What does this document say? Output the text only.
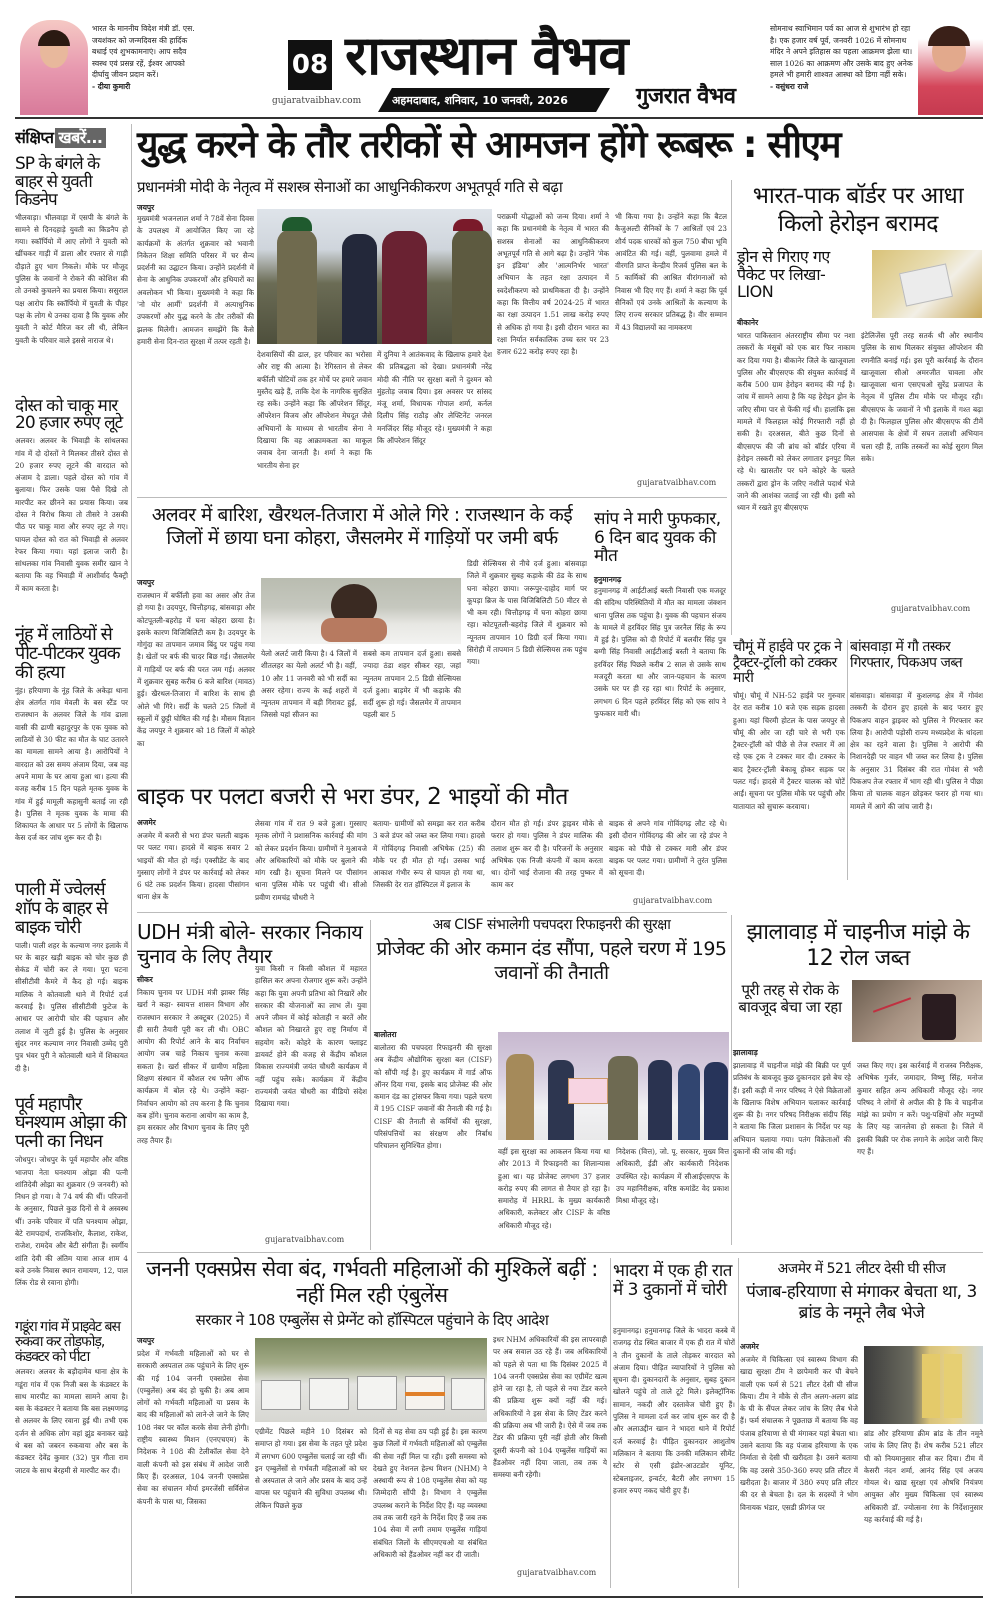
भारत के माननीय विदेश मंत्री डॉ. एस. जयशंकर को जन्मदिवस की हार्दिक बधाई एवं शुभकामनाएं। आप सदैव स्वस्थ एवं प्रसन्न रहें, ईश्वर आपको दीर्घायु जीवन प्रदान करें।
- दीया कुमारी
08
gujaratvaibhav.com
राजस्थान वैभव
अहमदाबाद, शनिवार, 10 जनवरी, 2026	गुजरात वैभव
सोमनाथ स्वाभिमान पर्व का आज से शुभारंभ हो रहा है। एक हजार वर्ष पूर्व, जनवरी 1026 में सोमनाथ मंदिर ने अपने इतिहास का पहला आक्रमण झेला था। साल 1026 का आक्रमण और उसके बाद हुए अनेक हमले भी हमारी शाश्वत आस्था को डिगा नहीं सके।
- वसुंधरा राजे
संक्षिप्त खबरें...
SP के बंगले के बाहर से युवती किडनेप
भीलवाड़ा। भीलवाड़ा में एसपी के बंगले के सामने से दिनदहाड़े युवती का किडनैप हो गया। स्कॉर्पियो में आए लोगों ने युवती को खींचकर गाड़ी में डाला और रफ्तार से गाड़ी दौड़ाते हुए भाग निकले। मौके पर मौजूद पुलिस के जवानों ने रोकने की कोशिश की तो उनको कुचलने का प्रयास किया। ससुराल पक्ष आरोप कि स्कॉर्पियो में युवती के पीहर पक्ष के लोग थे उनका दावा है कि युवक और युवती ने कोर्ट मैरिज कर ली थी, लेकिन युवती के परिवार वाले इससे नाराज थे।
दोस्त को चाकू मार 20 हजार रुपए लूटे
अलवर। अलवर के भिवाड़ी के सांथलका गांव में दो दोस्तों ने मिलकर तीसरे दोस्त से 20 हजार रुपए लूटने की वारदात को अंजाम दे डाला। पहले दोस्त को गांव में बुलाया। फिर उसके पास पैसे दिखे तो मारपीट कर छीनने का प्रयास किया। जब दोस्त ने विरोध किया तो तीसरे ने उसकी पीठ पर चाकू मारा और रुपए लूट ले गए। घायल दोस्त को रात को भिवाड़ी से अलवर रेफर किया गया। यहां इलाज जारी है। सांथलका गांव निवासी युवक समीर खान ने बताया कि वह भिवाड़ी में आशीर्वाद फैक्ट्री में काम करता है।
नूंह में लाठियों से पीट-पीटकर युवक की हत्या
नूंह। हरियाणा के नूंह जिले के अकेड़ा थाना क्षेत्र अंतर्गत गांव मेवली के बस स्टैंड पर राजस्थान के अलवर जिले के गांव ढाला वासी की ढाणी बहादुरपुर के एक युवक को लाठियों से 30 फीट का मौत के घाट उतारने का मामला सामने आया है। आरोपियों ने वारदात को उस समय अंजाम दिया, जब वह अपने मामा के घर आया हुआ था। हत्या की वजह करीब 15 दिन पहले मृतक युवक के गांव में हुई मामूली कहासुनी बताई जा रही है। पुलिस ने मृतक युवक के मामा की शिकायत के आधार पर 5 लोगों के खिलाफ केस दर्ज कर जांच शुरू कर दी है।
पाली में ज्वेलर्स शॉप के बाहर से बाइक चोरी
पाली। पाली शहर के कल्याण नगर इलाके में घर के बाहर खड़ी बाइक को चोर कुछ ही सेकंड में चोरी कर ले गया। पूरा घटना सीसीटीवी कैमरे में कैद हो गई। बाइक मालिक ने कोतवाली थाने में रिपोर्ट दर्ज करवाई है। पुलिस सीसीटीवी फुटेज के आधार पर आरोपी चोर की पहचान और तलाश में जुटी हुई है। पुलिस के अनुसार सुंदर नगर कल्याण नगर निवासी उम्मेद पुरी पुत्र भंवर पुरी ने कोतवाली थाने में शिकायत दी है।
पूर्व महापौर घनश्याम ओझा की पत्नी का निधन
जोधपुर। जोधपुर के पूर्व महापौर और वरिष्ठ भाजपा नेता घनश्याम ओझा की पत्नी शांतिदेवी ओझा का शुक्रवार (9 जनवरी) को निधन हो गया। वे 74 वर्ष की थीं। परिजनों के अनुसार, पिछले कुछ दिनों से वे अस्वस्थ थीं। उनके परिवार में पति घनश्याम ओझा, बेटे रामपदार्थ, राजकिशोर, कैलाश, राकेश, राजेश, रामदेव और बेटी संगीता हैं। स्वर्गीय शांति देवी की अंतिम यात्रा आज शाम 4 बजे उनके निवास स्थान रामायण, 12, पाल लिंक रोड से रवाना होगी।
गडूंरा गांव में प्राइवेट बस रुकवा कर तोड़फोड़, कंडक्टर को पीटा
अलवर। अलवर के बड़ौदामेव थाना क्षेत्र के गडूंरा गांव में एक निजी बस के कंडक्टर के साथ मारपीट का मामला सामने आया है। बस के कंडक्टर ने बताया कि बस लक्ष्मणगढ़ से अलवर के लिए रवाना हुई थी। तभी एक दर्जन से अधिक लोग वहां झुंड बनाकर खड़े थे बस को जबरन रुकवाया और बस के कंडक्टर देवेंद्र कुमार (32) पुत्र गीता राम जाटव के साथ बेरहमी से मारपीट कर दी।
युद्ध करने के तौर तरीकों से आमजन होंगे रूबरू : सीएम
प्रधानमंत्री मोदी के नेतृत्व में सशस्त्र सेनाओं का आधुनिकीकरण अभूतपूर्व गति से बढ़ा
जयपुर
मुख्यमंत्री भजनलाल शर्मा ने 78वें सेना दिवस के उपलक्ष्य में आयोजित किए जा रहे कार्यक्रमों के अंतर्गत शुक्रवार को भवानी निकेतन शिक्षा समिति परिसर में चर सैन्य प्रदर्शनी का उद्घाटन किया। उन्होंने प्रदर्शनी में सेना के आधुनिक उपकरणों और हथियारों का अवलोकन भी किया। मुख्यमंत्री ने कहा कि 'नो योर आर्मी' प्रदर्शनी में अत्याधुनिक उपकरणों और युद्ध करने के तौर तरीकों की झलक मिलेगी। आमजन समझेंगे कि कैसे हमारी सेना दिन-रात सुरक्षा में तत्पर रहती है।
देशवासियों की ढाल, हर परिवार का भरोसा और राष्ट्र की आत्मा है। रेगिस्तान से लेकर बर्फीली चोटियों तक हर मोर्चे पर हमारे जवान मुस्तैद खड़े हैं, ताकि देश के नागरिक सुरक्षित रह सकें। उन्होंने कहा कि ऑपरेशन सिंदूर, ऑपरेशन विजय और ऑपरेशन मेघदूत जैसे अभियानों के माध्यम से भारतीय सेना ने दिखाया कि वह आक्रामकता का माकूल जवाब देना जानती है। शर्मा ने कहा कि भारतीय सेना हर
में दुनिया ने आतंकवाद के खिलाफ हमारे देश की प्रतिबद्धता को देखा। प्रधानमंत्री नरेंद्र मोदी की नीति पर सुरक्षा बलों ने दुश्मन को मुंहतोड़ जवाब दिया। इस अवसर पर सांसद मंजू शर्मा, विधायक गोपाल शर्मा, कर्नल दिलीप सिंह राठौड़ और लेफ्टिनेंट जनरल मनजिंदर सिंह मौजूद रहे। मुख्यमंत्री ने कहा कि ऑपरेशन सिंदूर
पराक्रमी योद्धाओं को जन्म दिया। शर्मा ने कहा कि प्रधानमंत्री के नेतृत्व में भारत की सशस्त्र सेनाओं का आधुनिकीकरण अभूतपूर्व गति से आगे बढ़ा है। उन्होंने 'मेक इन इंडिया' और 'आत्मनिर्भर भारत' अभियान के तहत रक्षा उत्पादन में स्वदेशीकरण को प्राथमिकता दी है। उन्होंने कहा कि वित्तीय वर्ष 2024-25 में भारत का रक्षा उत्पादन 1.51 लाख करोड़ रुपए से अधिक हो गया है। इसी दौरान भारत का रक्षा निर्यात सर्वकालिक उच्च स्तर पर 23 हजार 622 करोड़ रुपए रहा है।
भी किया गया है। उन्होंने कहा कि बैटल कैजुअल्टी सैनिकों के 7 आश्रितों एवं 23 शौर्य पदक धारकों को कुल 750 बीघा भूमि आवंटित की गई। वहीं, पुलवामा हमले में वीरगति प्राप्त केन्द्रीय रिजर्व पुलिस बल के 5 कार्मिकों की आश्रित वीरांगनाओं को निवास भी दिए गए हैं। शर्मा ने कहा कि पूर्व सैनिकों एवं उनके आश्रितों के कल्याण के लिए राज्य सरकार प्रतिबद्ध है। वीर सम्मान में 43 विद्यालयों का नामकरण
gujaratvaibhav.com
भारत-पाक बॉर्डर पर आधा किलो हेरोइन बरामद
ड्रोन से गिराए गए पैकेट पर लिखा- LION
बीकानेर
भारत पाकिस्तान अंतरराष्ट्रीय सीमा पर नशा तस्करों के मंसूबों को एक बार फिर नाकाम कर दिया गया है। बीकानेर जिले के खाजूवाला पुलिस और बीएसएफ की संयुक्त कार्रवाई में करीब 500 ग्राम हेरोइन बरामद की गई है। जांच में सामने आया है कि यह हेरोइन ड्रोन के जरिए सीमा पार से फेंकी गई थी। हालांकि इस मामले में फिलहाल कोई गिरफ्तारी नहीं हो सकी है। दरअसल, बीते कुछ दिनों से बीएसएफ की जी ब्रांच को बॉर्डर एरिया में हेरोइन तस्करी को लेकर लगातार इनपुट मिल रहे थे। खासतौर पर घने कोहरे के चलते तस्करों द्वारा ड्रोन के जरिए नशीले पदार्थ भेजे जाने की आशंका जताई जा रही थी। इसी को ध्यान में रखते हुए बीएसएफ
इंटेलिजेंस पूरी तरह सतर्क थी और स्थानीय पुलिस के साथ मिलकर संयुक्त ऑपरेशन की रणनीति बनाई गई। इस पूरी कार्रवाई के दौरान खाजूवाला सीओ अमरजीत चावला और खाजूवाला थाना एसएचओ सुरेंद्र प्रजापत के नेतृत्व में पुलिस टीम मौके पर मौजूद रही। बीएसएफ के जवानों ने भी इलाके में गश्त बढ़ा दी है। फिलहाल पुलिस और बीएसएफ की टीमें आसपास के क्षेत्रों में सघन तलाशी अभियान चला रही हैं, ताकि तस्करों का कोई सुराग मिल सके।
gujaratvaibhav.com
अलवर में बारिश, खैरथल-तिजारा में ओले गिरे : राजस्थान के कई जिलों में छाया घना कोहरा, जैसलमेर में गाड़ियों पर जमी बर्फ
जयपुर
राजस्थान में बर्फीली हवा का असर और तेज हो गया है। उदयपुर, चित्तौड़गढ़, बांसवाड़ा और कोटपूतली-बहरोड़ में घना कोहरा छाया है। इसके कारण विजिबिलिटी कम है। उदयपुर के गोगुंदा का तापमान जमाव बिंदु पर पहुंच गया है। खेतों पर बर्फ की चादर बिछ गई। जैसलमेर में गाड़ियों पर बर्फ की परत जम गई। अलवर में शुक्रवार सुबह करीब 6 बजे बारिश (मावठ) हुई। खैरथल-तिजारा में बारिश के साथ ही ओले भी गिरे। सर्दी के चलते 25 जिलों में स्कूलों में छुट्टी घोषित की गई है। मौसम विज्ञान केंद्र जयपुर ने शुक्रवार को 18 जिलों में कोहरे का
येलो अलर्ट जारी किया है। 4 जिलों में शीतलहर का येलो अलर्ट भी है। वहीं, 10 और 11 जनवरी को भी सर्दी का असर रहेगा। राज्य के कई शहरों में न्यूनतम तापमान में बड़ी गिरावट हुई, जिससे यहां सीजन का
सबसे कम तापमान दर्ज हुआ। सबसे ज्यादा ठंडा शहर सीकर रहा, जहां न्यूनतम तापमान 2.5 डिग्री सेल्सियस दर्ज हुआ। बाड़मेर में भी कड़ाके की सर्दी शुरू हो गई। जैसलमेर में तापमान पहली बार 5
डिग्री सेल्सियस से नीचे दर्ज हुआ। बांसवाड़ा जिले में शुक्रवार सुबह कड़ाके की ठंड के साथ घना कोहरा छाया। जरूपुर-दाहोद मार्ग पर कूपड़ा ब्रिज के पास विजिबिलिटी 50 मीटर से भी कम रही। चित्तौड़गढ़ में घना कोहरा छाया रहा। कोटपूतली-बहरोड़ जिले में शुक्रवार को न्यूनतम तापमान 10 डिग्री दर्ज किया गया। सिरोही में तापमान 5 डिग्री सेल्सियस तक पहुंच गया।
सांप ने मारी फुफकार, 6 दिन बाद युवक की मौत
हनुमानगढ़
हनुमानगढ़ में आईटीआई बस्ती निवासी एक मजदूर की संदिग्ध परिस्थितियों में मौत का मामला जंक्शन थाना पुलिस तक पहुंचा है। युवक की पहचान संजय के मामले में हरविंदर सिंह पुत्र जरनैल सिंह के रूप में हुई है। पुलिस को दी रिपोर्ट में बलवीर सिंह पुत्र बग्गी सिंह निवासी आईटीआई बस्ती ने बताया कि हरविंदर सिंह पिछले करीब 2 साल से उसके साथ मजदूरी करता था और जान-पहचान के कारण उसके घर पर ही रह रहा था। रिपोर्ट के अनुसार, लगभग 6 दिन पहले हरविंदर सिंह को एक सांप ने फुफकार मारी थी।
चौमूं में हाईवे पर ट्रक ने ट्रैक्टर-ट्रॉली को टक्कर मारी
चौमूं। चौमूं में NH-52 हाईवे पर गुरुवार देर रात करीब 10 बजे एक सड़क हादसा हुआ। यहां चिरमी होटल के पास जयपुर से चौमूं की ओर जा रही चारे से भरी एक ट्रैक्टर-ट्रॉली को पीछे से तेज रफ्तार में आ रहे एक ट्रक ने टक्कर मार दी। टक्कर के बाद ट्रैक्टर-ट्रॉली बेकाबू होकर सड़क पर पलट गई। हादसे में ट्रैक्टर चालक को चोटें आईं। सूचना पर पुलिस मौके पर पहुंची और यातायात को सुचारू करवाया।
बांसवाड़ा में गौ तस्कर गिरफ्तार, पिकअप जब्त
बांसवाड़ा। बांसवाड़ा में कुशलगढ़ क्षेत्र में गोवंश तस्करी के दौरान हुए हादसे के बाद फरार हुए पिकअप वाहन ड्राइवर को पुलिस ने गिरफ्तार कर लिया है। आरोपी पड़ोसी राज्य मध्यप्रदेश के थांदला क्षेत्र का रहने वाला है। पुलिस ने आरोपी की निशानदेही पर वाहन भी जब्त कर लिया है। पुलिस के अनुसार 31 दिसंबर की रात गोवंश से भरी पिकअप तेज रफ्तार में भाग रही थी। पुलिस ने पीछा किया तो चालक वाहन छोड़कर फरार हो गया था। मामले में आगे की जांच जारी है।
बाइक पर पलटा बजरी से भरा डंपर, 2 भाइयों की मौत
अजमेर
अजमेर में बजरी से भरा डंपर चलती बाइक पर पलट गया। हादसे में बाइक सवार 2 भाइयों की मौत हो गई। एक्सीडेंट के बाद गुस्साए लोगों ने डंपर पर कार्रवाई को लेकर 6 घंटे तक प्रदर्शन किया। हादसा पीसांगन थाना क्षेत्र के
लेसवा गांव में रात 9 बजे हुआ। गुस्साए मृतक लोगों ने प्रशासनिक कार्रवाई की मांग को लेकर प्रदर्शन किया। ग्रामीणों ने मुआवजे और अधिकारियों को मौके पर बुलाने की मांग रखी है। सूचना मिलने पर पीसांगन थाना पुलिस मौके पर पहुंची थी। सीओ प्रवीण रामचंद्र चौधरी ने
बताया- ग्रामीणों को समझा कर रात करीब 3 बजे डंपर को जब्त कर लिया गया। हादसे में गोविंदगढ़ निवासी अभिषेक (25) की मौके पर ही मौत हो गई। उसका भाई आकाश गंभीर रूप से घायल हो गया था, जिसकी देर रात हॉस्पिटल में इलाज के
दौरान मौत हो गई। डंपर ड्राइवर मौके से फरार हो गया। पुलिस ने डंपर मालिक की तलाश शुरू कर दी है। परिजनों के अनुसार अभिषेक एक निजी कंपनी में काम करता था। दोनों भाई रोजाना की तरह पुष्कर में काम कर
बाइक से अपने गांव गोविंदगढ़ लौट रहे थे। इसी दौरान गोविंदगढ़ की ओर जा रहे डंपर ने बाइक को पीछे से टक्कर मारी और डंपर बाइक पर पलट गया। ग्रामीणों ने तुरंत पुलिस को सूचना दी।
gujaratvaibhav.com
UDH मंत्री बोले- सरकार निकाय चुनाव के लिए तैयार
सीकर
निकाय चुनाव पर UDH मंत्री झाबर सिंह खर्रा ने कहा- स्वायत्त शासन विभाग और राजस्थान सरकार ने अक्टूबर (2025) में ही सारी तैयारी पूरी कर ली थी। OBC आयोग की रिपोर्ट आने के बाद निर्वाचन आयोग जब चाहे निकाय चुनाव करवा सकता है। खर्रा सीकर में ग्रामीण महिला शिक्षण संस्थान में कौशल रथ फ्लैग ऑफ कार्यक्रम में बोल रहे थे। उन्होंने कहा- निर्वाचन आयोग को तय करना है कि चुनाव कब होंगे। चुनाव कराना आयोग का काम है, हम सरकार और विभाग चुनाव के लिए पूरी तरह तैयार हैं।
युवा किसी न किसी कौशल में महारत हासिल कर अपना रोजगार शुरू करें। उन्होंने कहा कि युवा अपनी प्रतिभा को निखारें और सरकार की योजनाओं का लाभ लें। युवा अपने जीवन में कोई कोताही न बरतें और कौशल को निखारते हुए राष्ट्र निर्माण में सहयोग करें। कोहरे के कारण फ्लाइट डायवर्ट होने की वजह से केंद्रीय कौशल विकास राज्यमंत्री जयंत चौधरी कार्यक्रम में नहीं पहुंच सके। कार्यक्रम में केंद्रीय राज्यमंत्री जयंत चौधरी का वीडियो संदेश दिखाया गया।
gujaratvaibhav.com
अब CISF संभालेगी पचपदरा रिफाइनरी की सुरक्षा
प्रोजेक्ट की ओर कमान दंड सौंपा, पहले चरण में 195 जवानों की तैनाती
बालोतरा
बालोतरा की पचपदरा रिफाइनरी की सुरक्षा अब केंद्रीय औद्योगिक सुरक्षा बल (CISF) को सौंपी गई है। हुए कार्यक्रम में गार्ड ऑफ ऑनर दिया गया, इसके बाद प्रोजेक्ट की ओर कमान दंड का ट्रांसफर किया गया। पहले चरण में 195 CISF जवानों की तैनाती की गई है। CISF की तैनाती से कर्मियों की सुरक्षा, परिसंपत्तियों का संरक्षण और निर्बाध परिचालन सुनिश्चित होगा।
वहीं इस सुरक्षा का आकलन किया गया था और 2013 में रिफाइनरी का शिलान्यास हुआ था। यह प्रोजेक्ट लगभग 37 हजार करोड़ रुपए की लागत से तैयार हो रहा है। समारोह में HRRL के मुख्य कार्यकारी अधिकारी, कलेक्टर और CISF के वरिष्ठ अधिकारी मौजूद रहे।
निदेशक (वित्त), जो. पू. सरकार, मुख्य वित्त अधिकारी, ईडी और कार्यकारी निदेशक उपस्थित रहे। कार्यक्रम में सीआईएसएफ के उप महानिरीक्षक, वरिष्ठ कमांडेंट वेद प्रकाश मिश्रा मौजूद रहे।
झालावाड़ में चाइनीज मांझे के 12 रोल जब्त
पूरी तरह से रोक के बावजूद बेचा जा रहा
झालावाड़
झालावाड़ में चाइनीज मांझे की बिक्री पर पूर्ण प्रतिबंध के बावजूद कुछ दुकानदार इसे बेच रहे हैं। इसी कड़ी में नगर परिषद ने ऐसे विक्रेताओं के खिलाफ विशेष अभियान चलाकर कार्रवाई शुरू की है। नगर परिषद निरीक्षक संदीप सिंह ने बताया कि जिला प्रशासन के निर्देश पर यह अभियान चलाया गया। पतंग विक्रेताओं की दुकानों की जांच की गई।
जब्त किए गए। इस कार्रवाई में राजस्व निरीक्षक, अभिषेक गुर्जर, जमादार, विष्णु सिंह, मनोज कुमार सहित अन्य अधिकारी मौजूद रहे। नगर परिषद ने लोगों से अपील की है कि वे चाइनीज मांझे का प्रयोग न करें। पशु-पक्षियों और मनुष्यों के लिए यह जानलेवा हो सकता है। जिले में इसकी बिक्री पर रोक लगाने के आदेश जारी किए गए हैं।
जननी एक्सप्रेस सेवा बंद, गर्भवती महिलाओं की मुश्किलें बढ़ीं : नहीं मिल रही एंबुलेंस
सरकार ने 108 एम्बुलेंस से प्रेग्नेंट को हॉस्पिटल पहुंचाने के दिए आदेश
जयपुर
प्रदेश में गर्भवती महिलाओं को घर से सरकारी अस्पताल तक पहुंचाने के लिए शुरू की गई 104 जननी एक्सप्रेस सेवा (एम्बुलेंस) अब बंद हो चुकी है। अब आम लोगों को गर्भवती महिलाओं या प्रसव के बाद की महिलाओं को लाने-ले जाने के लिए 108 नंबर पर कॉल करके सेवा लेनी होगी। राष्ट्रीय स्वास्थ्य मिशन (एनएचएम) के निदेशक ने 108 की टेलीकॉल सेवा देने वाली कंपनी को इस संबंध में आदेश जारी किए हैं। दरअसल, 104 जननी एक्सप्रेस सेवा का संचालन मौर्या इमरजेंसी सर्विसेज कंपनी के पास था, जिसका
एग्रीमेंट पिछले महीने 10 दिसंबर को समाप्त हो गया। इस सेवा के तहत पूरे प्रदेश में लगभग 600 एम्बुलेंस चलाई जा रही थीं। इन एम्बुलेंसों से गर्भवती महिलाओं को घर से अस्पताल ले जाने और प्रसव के बाद उन्हें वापस घर पहुंचाने की सुविधा उपलब्ध थी। लेकिन पिछले कुछ
दिनों से यह सेवा ठप पड़ी हुई है। इस कारण कुछ जिलों में गर्भवती महिलाओं को एम्बुलेंस की सेवा नहीं मिल पा रही। इसी समस्या को देखते हुए नेशनल हेल्थ मिशन (NHM) ने अस्थायी रूप से 108 एम्बुलेंस सेवा को यह जिम्मेदारी सौंपी है। विभाग ने एम्बुलेंस उपलब्ध कराने के निर्देश दिए हैं। यह व्यवस्था तब तक जारी रहने के निर्देश दिए हैं जब तक 104 सेवा में लगी तमाम एम्बुलेंस गाड़ियां संबंधित जिलों के सीएमएचओ या संबंधित अधिकारी को हैंडओवर नहीं कर दी जाती।
इधर NHM अधिकारियों की इस लापरवाही पर अब सवाल उठ रहे हैं। जब अधिकारियों को पहले से पता था कि दिसंबर 2025 में 104 जननी एक्सप्रेस सेवा का एग्रीमेंट खत्म होने जा रहा है, तो पहले से नया टेंडर करने की प्रक्रिया शुरू क्यों नहीं की गई। अधिकारियों ने इस सेवा के लिए टेंडर करने की प्रक्रिया अब भी जारी है। ऐसे में जब तक टेंडर की प्रक्रिया पूरी नहीं होती और किसी दूसरी कंपनी को 104 एम्बुलेंस गाड़ियों का हैंडओवर नहीं दिया जाता, तब तक ये समस्या बनी रहेगी।
gujaratvaibhav.com
भादरा में एक ही रात में 3 दुकानों में चोरी
हनुमानगढ़। हनुमानगढ़ जिले के भादरा कस्बे में राजगढ़ रोड स्थित बाजार में एक ही रात में चोरों ने तीन दुकानों के ताले तोड़कर वारदात को अंजाम दिया। पीड़ित व्यापारियों ने पुलिस को सूचना दी। दुकानदारों के अनुसार, सुबह दुकान खोलने पहुंचे तो ताले टूटे मिले। इलेक्ट्रॉनिक सामान, नकदी और दस्तावेज चोरी हुए हैं। पुलिस ने मामला दर्ज कर जांच शुरू कर दी है और अलाउद्दीन खान ने भादरा थाने में रिपोर्ट दर्ज करवाई है। पीड़ित दुकानदार आशुतोष मलिकान ने बताया कि उनकी मलिकान सीमेंट स्टोर से एसी इंडोर-आउटडोर यूनिट, स्टेबलाइजर, इन्वर्टर, बैटरी और लगभग 15 हजार रुपए नकद चोरी हुए हैं।
अजमेर में 521 लीटर देसी घी सीज
पंजाब-हरियाणा से मंगाकर बेचता था, 3 ब्रांड के नमूने लैब भेजे
अजमेर
अजमेर में चिकित्सा एवं स्वास्थ्य विभाग की खाद्य सुरक्षा टीम ने छापेमारी कर घी बेचने वाली एक फर्म से 521 लीटर देसी घी सीज किया। टीम ने मौके से तीन अलग-अलग ब्रांड के घी के सैंपल लेकर जांच के लिए लैब भेजे हैं। फर्म संचालक ने पूछताछ में बताया कि वह पंजाब हरियाणा से घी मंगाकर यहां बेचता था। उसने बताया कि वह पंजाब हरियाणा के एक निर्माता से देसी घी खरीदता है। उसने बताया कि वह उससे 350-360 रुपए प्रति लीटर में खरीदता है। बाजार में 380 रुपए प्रति लीटर की दर से बेचता है। दल के सदस्यों ने भोग विनायक भंडार, एसडी फ्रीगंज पर
ब्रांड और हरियाणा क्रीम ब्रांड के तीन नमूने जांच के लिए लिए हैं। शेष करीब 521 लीटर घी को नियमानुसार सीज कर दिया। टीम में केसरी नंदन शर्मा, आनंद सिंह एवं अजय गोयल थे। खाद्य सुरक्षा एवं औषधि नियंत्रण आयुक्त और मुख्य चिकित्सा एवं स्वास्थ्य अधिकारी डॉ. ज्योत्सना रंगा के निर्देशानुसार यह कार्रवाई की गई है।
